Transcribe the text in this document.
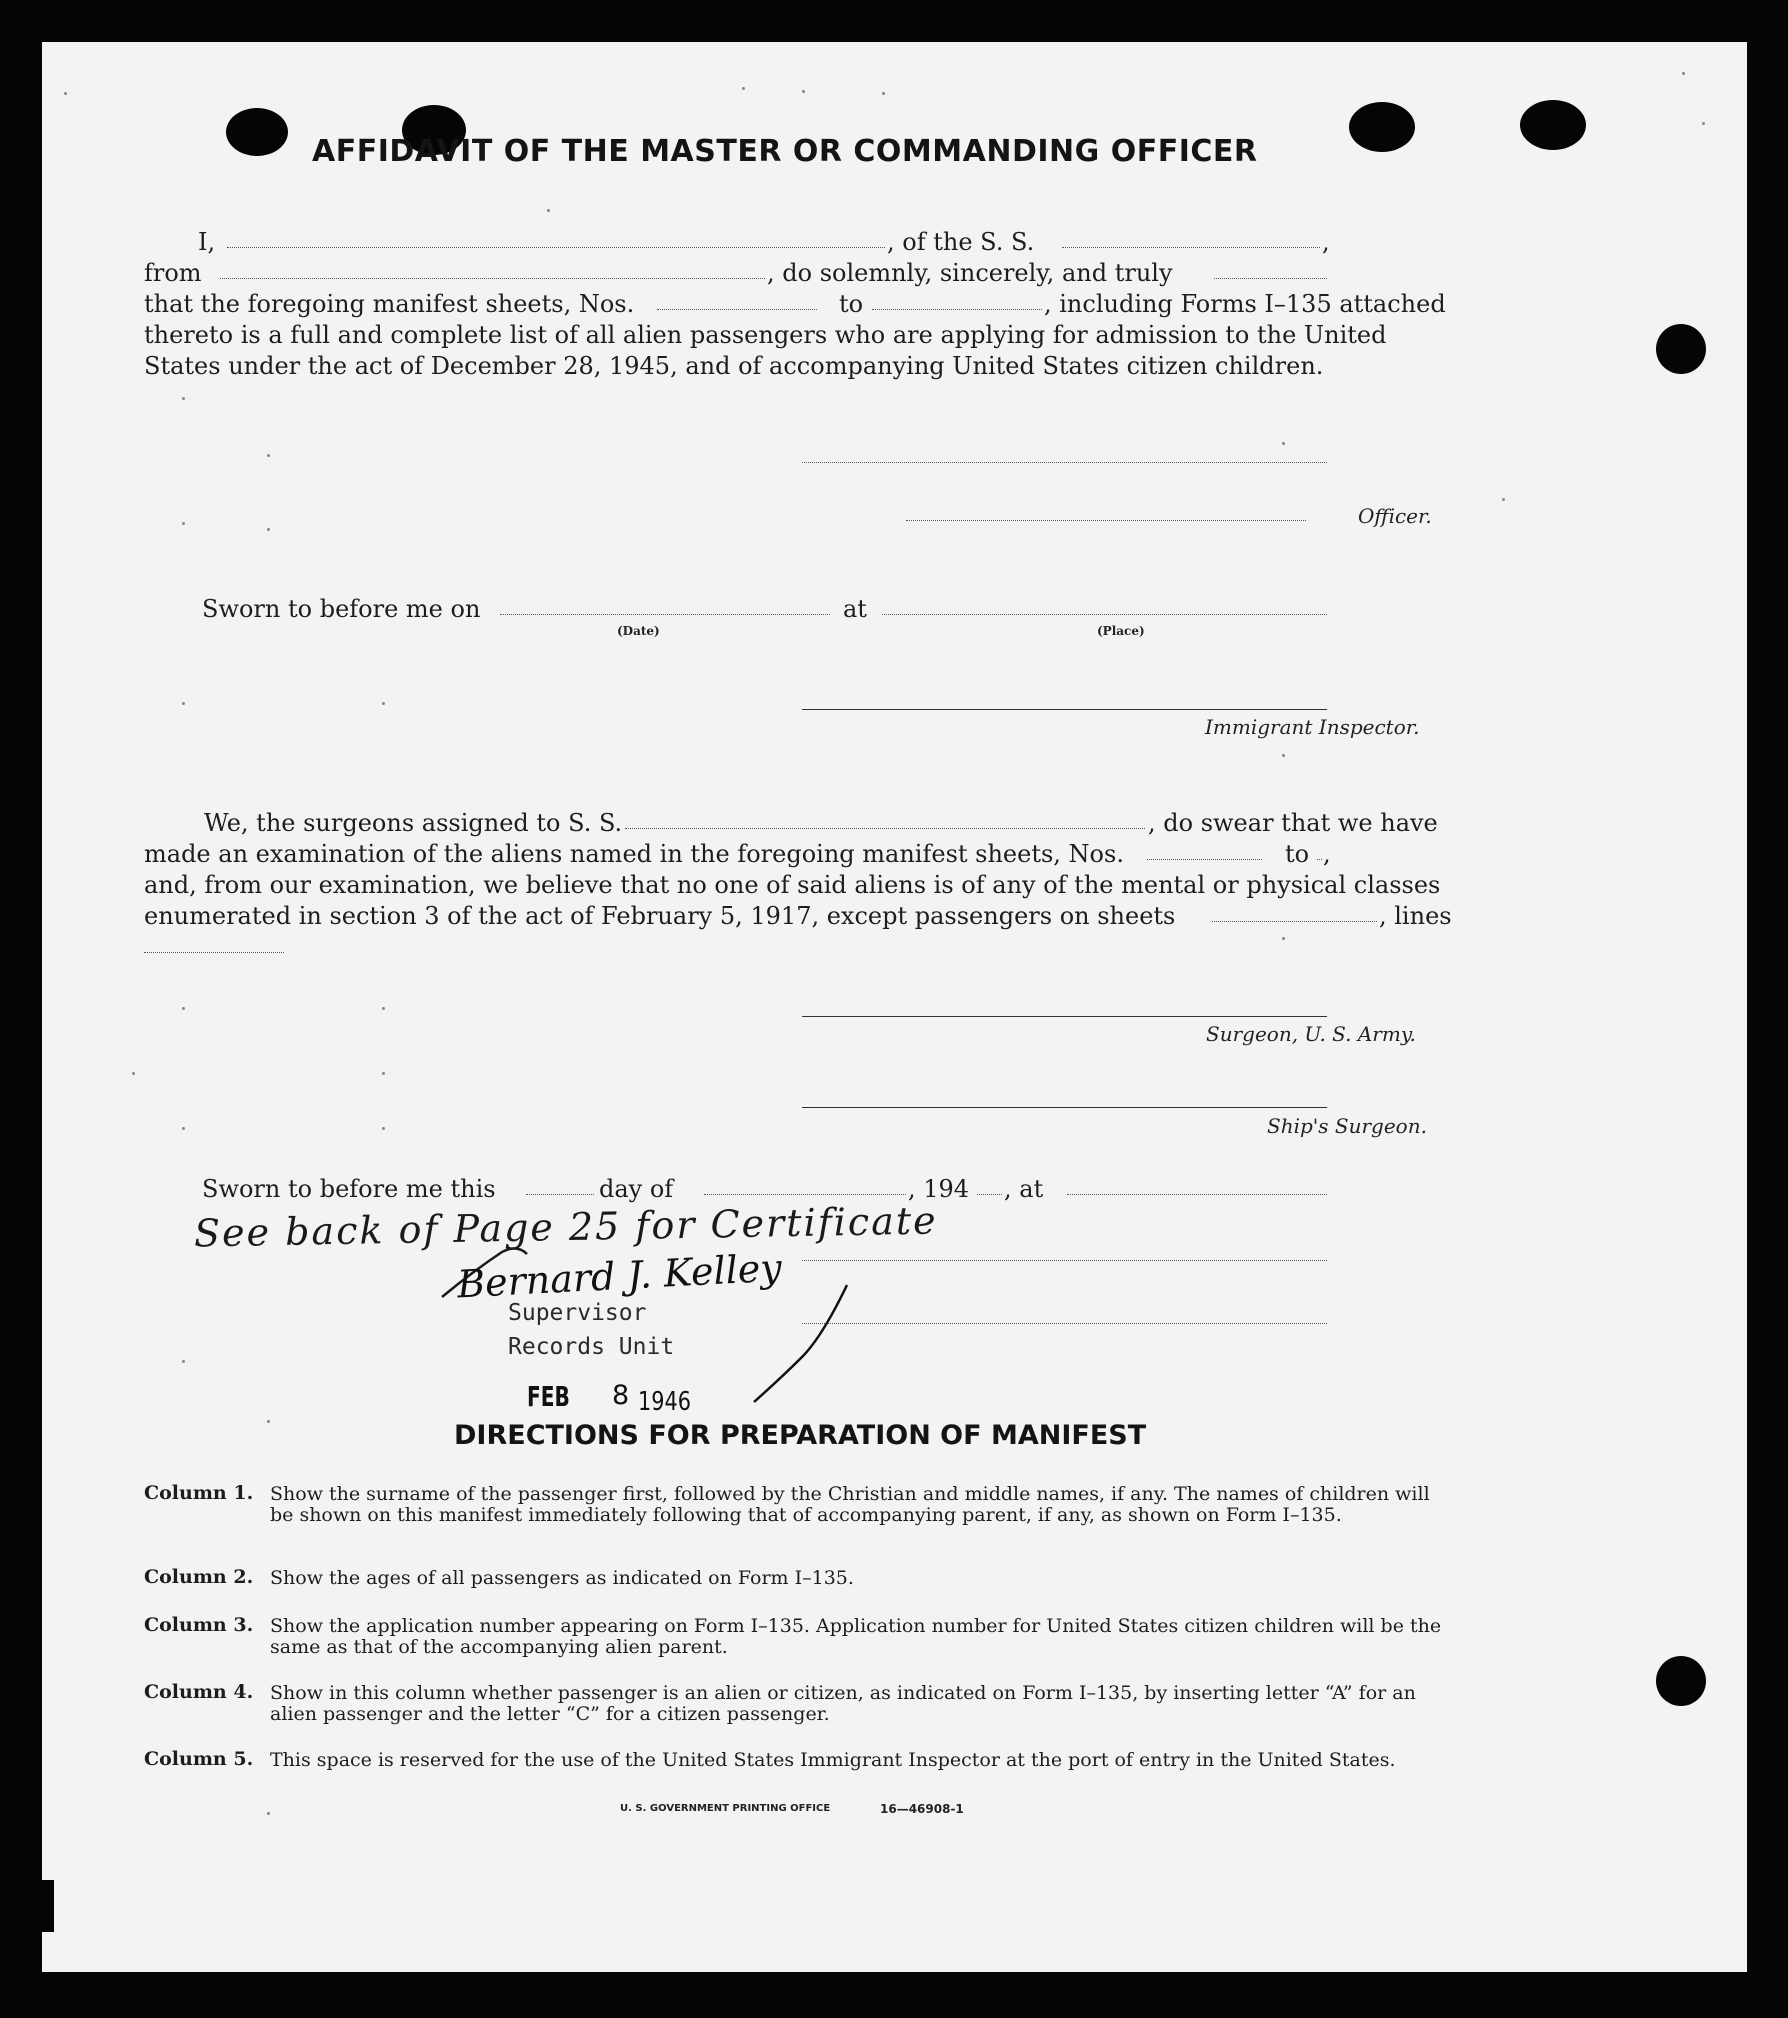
AFFIDAVIT OF THE MASTER OR COMMANDING OFFICER
I,	, of the S. S.	,
from	, do solemnly, sincerely, and truly
that the foregoing manifest sheets, Nos.	to	, including Forms I–135 attached
thereto is a full and complete list of all alien passengers who are applying for admission to the United
States under the act of December 28, 1945, and of accompanying United States citizen children.
Officer.
Sworn to before me on
(Date)
at
(Place)
Immigrant Inspector.
We, the surgeons assigned to S. S.	, do swear that we have
made an examination of the aliens named in the foregoing manifest sheets, Nos.	to ,
and, from our examination, we believe that no one of said aliens is of any of the mental or physical classes
enumerated in section 3 of the act of February 5, 1917, except passengers on sheets	, lines
Surgeon, U. S. Army.
Ship's Surgeon.
Sworn to before me this	day of	, 194 , at
See back of Page 25 for Certificate
Bernard J. Kelley
Supervisor
Records Unit
FEB 8 1946
DIRECTIONS FOR PREPARATION OF MANIFEST
Column 1. Show the surname of the passenger first, followed by the Christian and middle names, if any. The names of children will be shown on this manifest immediately following that of accompanying parent, if any, as shown on Form I–135.
Column 2. Show the ages of all passengers as indicated on Form I–135.
Column 3. Show the application number appearing on Form I–135. Application number for United States citizen children will be the same as that of the accompanying alien parent.
Column 4. Show in this column whether passenger is an alien or citizen, as indicated on Form I–135, by inserting letter “A” for an alien passenger and the letter “C” for a citizen passenger.
Column 5. This space is reserved for the use of the United States Immigrant Inspector at the port of entry in the United States.
U. S. GOVERNMENT PRINTING OFFICE	16—46908-1
